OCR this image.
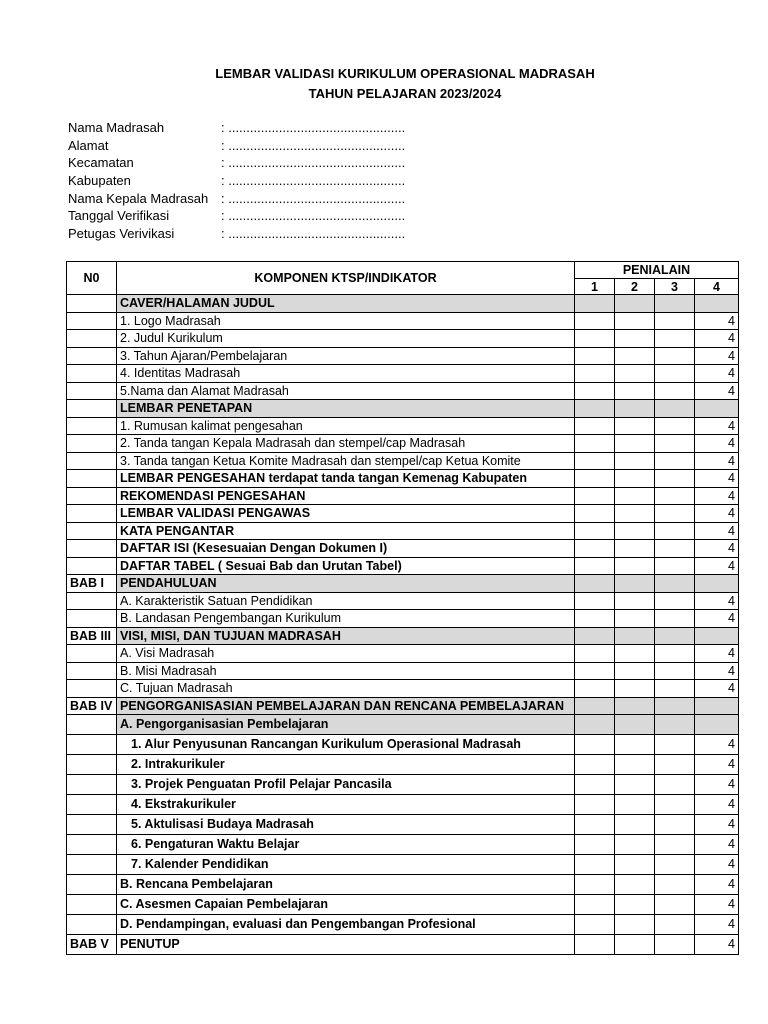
LEMBAR VALIDASI KURIKULUM OPERASIONAL MADRASAH
TAHUN PELAJARAN 2023/2024
Nama Madrasah	: .................................................
Alamat	: .................................................
Kecamatan	: .................................................
Kabupaten	: .................................................
Nama Kepala Madrasah : .................................................
Tanggal Verifikasi	: .................................................
Petugas Verivikasi	: .................................................
N0	KOMPONEN KTSP/INDIKATOR	PENIALAIN			
		1	2	3	4
	CAVER/HALAMAN JUDUL				
	1. Logo Madrasah				4
	2. Judul Kurikulum				4
	3. Tahun Ajaran/Pembelajaran				4
	4. Identitas Madrasah				4
	5.Nama dan Alamat Madrasah				4
	LEMBAR PENETAPAN				
	1. Rumusan kalimat pengesahan				4
	2. Tanda tangan Kepala Madrasah dan stempel/cap Madrasah				4
	3. Tanda tangan Ketua Komite Madrasah dan stempel/cap Ketua Komite				4
	LEMBAR PENGESAHAN terdapat tanda tangan Kemenag Kabupaten				4
	REKOMENDASI PENGESAHAN				4
	LEMBAR VALIDASI PENGAWAS				4
	KATA PENGANTAR				4
	DAFTAR ISI (Kesesuaian Dengan Dokumen I)				4
	DAFTAR TABEL ( Sesuai Bab dan Urutan Tabel)				4
BAB I	PENDAHULUAN				
	A. Karakteristik Satuan Pendidikan				4
	B. Landasan Pengembangan Kurikulum				4
BAB III	VISI, MISI, DAN TUJUAN MADRASAH				
	A. Visi Madrasah				4
	B. Misi Madrasah				4
	C. Tujuan Madrasah				4
BAB IV	PENGORGANISASIAN PEMBELAJARAN DAN RENCANA PEMBELAJARAN				
	A. Pengorganisasian Pembelajaran				
	1. Alur Penyusunan Rancangan Kurikulum Operasional Madrasah				4
	2. Intrakurikuler				4
	3. Projek Penguatan Profil Pelajar Pancasila				4
	4. Ekstrakurikuler				4
	5. Aktulisasi Budaya Madrasah				4
	6. Pengaturan Waktu Belajar				4
	7. Kalender Pendidikan				4
	B. Rencana Pembelajaran				4
	C. Asesmen Capaian Pembelajaran				4
	D. Pendampingan, evaluasi dan Pengembangan Profesional				4
BAB V	PENUTUP				4
